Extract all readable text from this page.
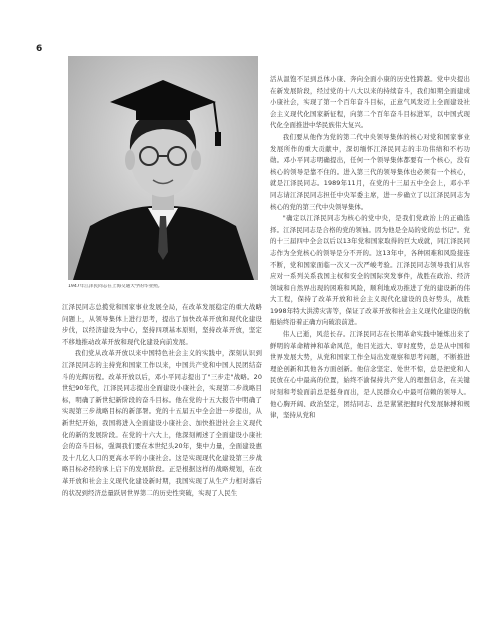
6
1947年江泽民同志在上海交通大学的毕业照。

江泽民同志总揽党和国家事业发展全局，在改革发展稳定的重大战略问题上，从领导集体上进行思考，提出了加快改革开放和现代化建设步伐，以经济建设为中心，坚持四项基本原则，坚持改革开放，坚定不移地推动改革开放和现代化建设向前发展。

我们党从改革开放以来中国特色社会主义的实践中，深刻认识到江泽民同志的主持党和国家工作以来，中国共产党和中国人民团结奋斗的光辉历程。改革开放以后，邓小平同志提出了"三步走"战略。20世纪90年代，江泽民同志提出全面建设小康社会，实现第二步战略目标，明确了新世纪新阶段的奋斗目标。他在党的十五大报告中明确了实现第三步战略目标的新部署。党的十五届五中全会进一步提出，从新世纪开始，我国将进入全面建设小康社会、加快推进社会主义现代化的新的发展阶段。在党的十六大上，他深刻阐述了全面建设小康社会的奋斗目标，强调我们要在本世纪头20年，集中力量，全面建设惠及十几亿人口的更高水平的小康社会。这是实现现代化建设第三步战略目标必经的承上启下的发展阶段。正是根据这样的战略规划，在改革开放和社会主义现代化建设新时期，我国实现了从生产力相对落后的状况到经济总量跃居世界第二的历史性突破，实现了人民生

活从温饱不足到总体小康、奔向全面小康的历史性跨越。党中央提出在新发展阶段，经过党的十八大以来的持续奋斗，我们如期全面建成小康社会，实现了第一个百年奋斗目标，正意气风发迈上全面建设社会主义现代化国家新征程，向第二个百年奋斗目标进军，以中国式现代化全面推进中华民族伟大复兴。

我们要从他作为党的第二代中央领导集体的核心对党和国家事业发展所作的重大贡献中，深切缅怀江泽民同志的丰功伟绩和不朽功勋。邓小平同志明确提出，任何一个领导集体都要有一个核心，没有核心的领导是靠不住的。进入第三代的领导集体也必须有一个核心，就是江泽民同志。1989年11月，在党的十三届五中全会上，邓小平同志请江泽民同志担任中央军委主席，进一步确立了以江泽民同志为核心的党的第三代中央领导集体。

"确定以江泽民同志为核心的党中央，是我们党政治上的正确选择。江泽民同志是合格的党的领袖。因为他是全局的党的总书记"。党的十三届四中全会以后以13年党和国家取得的巨大成就，同江泽民同志作为全党核心的领导是分不开的。这13年中，各种困难和风险接连不断，党和国家面临一次又一次严峻考验。江泽民同志领导我们从容应对一系列关系我国主权和安全的国际突发事件，战胜在政治、经济领域和自然界出现的困难和风险，顺利地成功推进了党的建设新的伟大工程，保持了改革开放和社会主义现代化建设的良好势头，战胜1998年特大洪涝灾害等，保证了改革开放和社会主义现代化建设的航船始终沿着正确方向破浪前进。

伟人已逝，风范长存。江泽民同志在长期革命实践中锤炼出来了鲜明的革命精神和革命风范，他目光远大、审时度势，总是从中国和世界发展大势，从党和国家工作全局出发观察和思考问题，不断推进理论创新和其他各方面创新。他信念坚定、处世不惊，总是把党和人民放在心中最高的位置，始终不渝保持共产党人的理想信念，在关键时刻和考验面前总是挺身而出，是人民群众心中最可信赖的领导人。他心胸开阔、政治坚定，团结同志、总是紧紧把握时代发展脉搏和规律，坚持从党和
